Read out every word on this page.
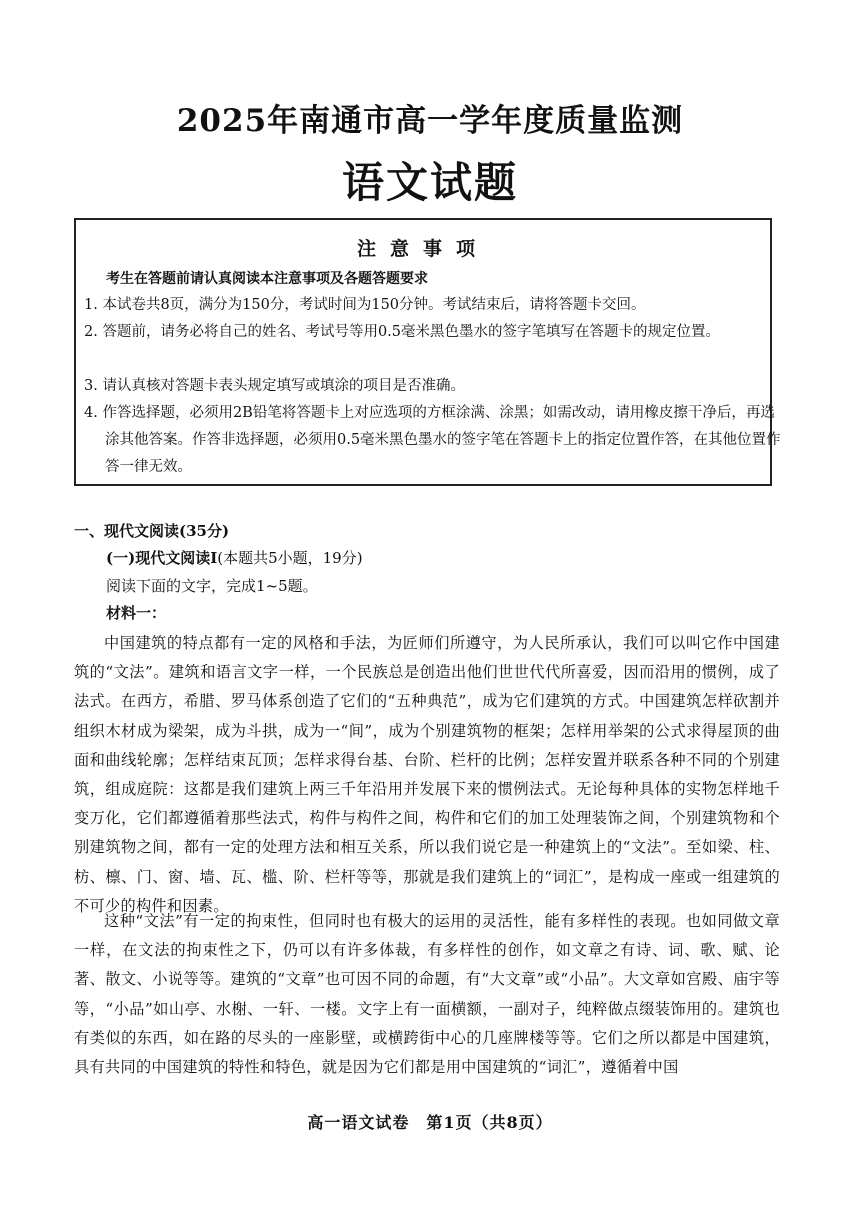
2025年南通市高一学年度质量监测
语文试题
注意事项
考生在答题前请认真阅读本注意事项及各题答题要求
1. 本试卷共8页，满分为150分，考试时间为150分钟。考试结束后，请将答题卡交回。
2. 答题前，请务必将自己的姓名、考试号等用0.5毫米黑色墨水的签字笔填写在答题卡的规定位置。
3. 请认真核对答题卡表头规定填写或填涂的项目是否准确。
4. 作答选择题，必须用2B铅笔将答题卡上对应选项的方框涂满、涂黑；如需改动，请用橡皮擦干净后，再选涂其他答案。作答非选择题，必须用0.5毫米黑色墨水的签字笔在答题卡上的指定位置作答，在其他位置作答一律无效。
一、现代文阅读(35分)
(一)现代文阅读Ⅰ(本题共5小题，19分)
阅读下面的文字，完成1~5题。
材料一：
中国建筑的特点都有一定的风格和手法，为匠师们所遵守，为人民所承认，我们可以叫它作中国建筑的“文法”。建筑和语言文字一样，一个民族总是创造出他们世世代代所喜爱，因而沿用的惯例，成了法式。在西方，希腊、罗马体系创造了它们的“五种典范”，成为它们建筑的方式。中国建筑怎样砍割并组织木材成为梁架，成为斗拱，成为一“间”，成为个别建筑物的框架；怎样用举架的公式求得屋顶的曲面和曲线轮廓；怎样结束瓦顶；怎样求得台基、台阶、栏杆的比例；怎样安置并联系各种不同的个别建筑，组成庭院：这都是我们建筑上两三千年沿用并发展下来的惯例法式。无论每种具体的实物怎样地千变万化，它们都遵循着那些法式，构件与构件之间，构件和它们的加工处理装饰之间，个别建筑物和个别建筑物之间，都有一定的处理方法和相互关系，所以我们说它是一种建筑上的“文法”。至如梁、柱、枋、檩、门、窗、墙、瓦、槛、阶、栏杆等等，那就是我们建筑上的“词汇”，是构成一座或一组建筑的不可少的构件和因素。
这种“文法”有一定的拘束性，但同时也有极大的运用的灵活性，能有多样性的表现。也如同做文章一样，在文法的拘束性之下，仍可以有许多体裁，有多样性的创作，如文章之有诗、词、歌、赋、论著、散文、小说等等。建筑的“文章”也可因不同的命题，有“大文章”或“小品”。大文章如宫殿、庙宇等等，“小品”如山亭、水榭、一轩、一楼。文字上有一面横额，一副对子，纯粹做点缀装饰用的。建筑也有类似的东西，如在路的尽头的一座影壁，或横跨街中心的几座牌楼等等。它们之所以都是中国建筑，具有共同的中国建筑的特性和特色，就是因为它们都是用中国建筑的“词汇”，遵循着中国
高一语文试卷　第1页（共8页）
